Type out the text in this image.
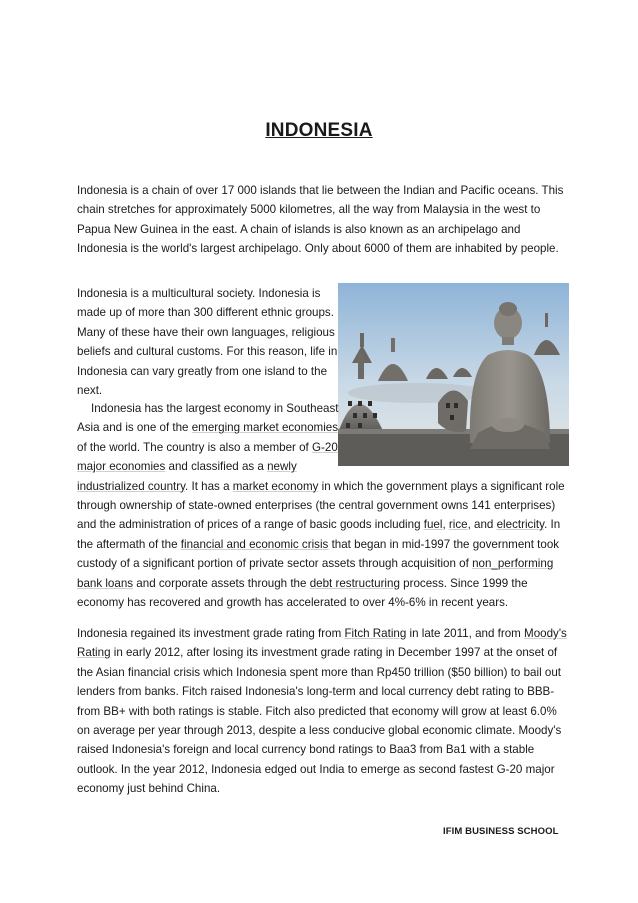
INDONESIA

Indonesia is a chain of over 17 000 islands that lie between the Indian and Pacific oceans. This chain stretches for approximately 5000 kilometres, all the way from Malaysia in the west to Papua New Guinea in the east. A chain of islands is also known as an archipelago and Indonesia is the world's largest archipelago. Only about 6000 of them are inhabited by people.

Indonesia is a multicultural society. Indonesia is made up of more than 300 different ethnic groups. Many of these have their own languages, religious beliefs and cultural customs. For this reason, life in Indonesia can vary greatly from one island to the next.

Indonesia has the largest economy in Southeast Asia and is one of the emerging market economies of the world. The country is also a member of G-20 major economies and classified as a newly industrialized country. It has a market economy in which the government plays a significant role through ownership of state-owned enterprises (the central government owns 141 enterprises) and the administration of prices of a range of basic goods including fuel, rice, and electricity. In the aftermath of the financial and economic crisis that began in mid-1997 the government took custody of a significant portion of private sector assets through acquisition of non_performing bank loans and corporate assets through the debt restructuring process. Since 1999 the economy has recovered and growth has accelerated to over 4%-6% in recent years.

Indonesia regained its investment grade rating from Fitch Rating in late 2011, and from Moody's Rating in early 2012, after losing its investment grade rating in December 1997 at the onset of the Asian financial crisis which Indonesia spent more than Rp450 trillion ($50 billion) to bail out lenders from banks. Fitch raised Indonesia's long-term and local currency debt rating to BBB- from BB+ with both ratings is stable. Fitch also predicted that economy will grow at least 6.0% on average per year through 2013, despite a less conducive global economic climate. Moody's raised Indonesia's foreign and local currency bond ratings to Baa3 from Ba1 with a stable outlook. In the year 2012, Indonesia edged out India to emerge as second fastest G-20 major economy just behind China.

IFIM BUSINESS SCHOOL
